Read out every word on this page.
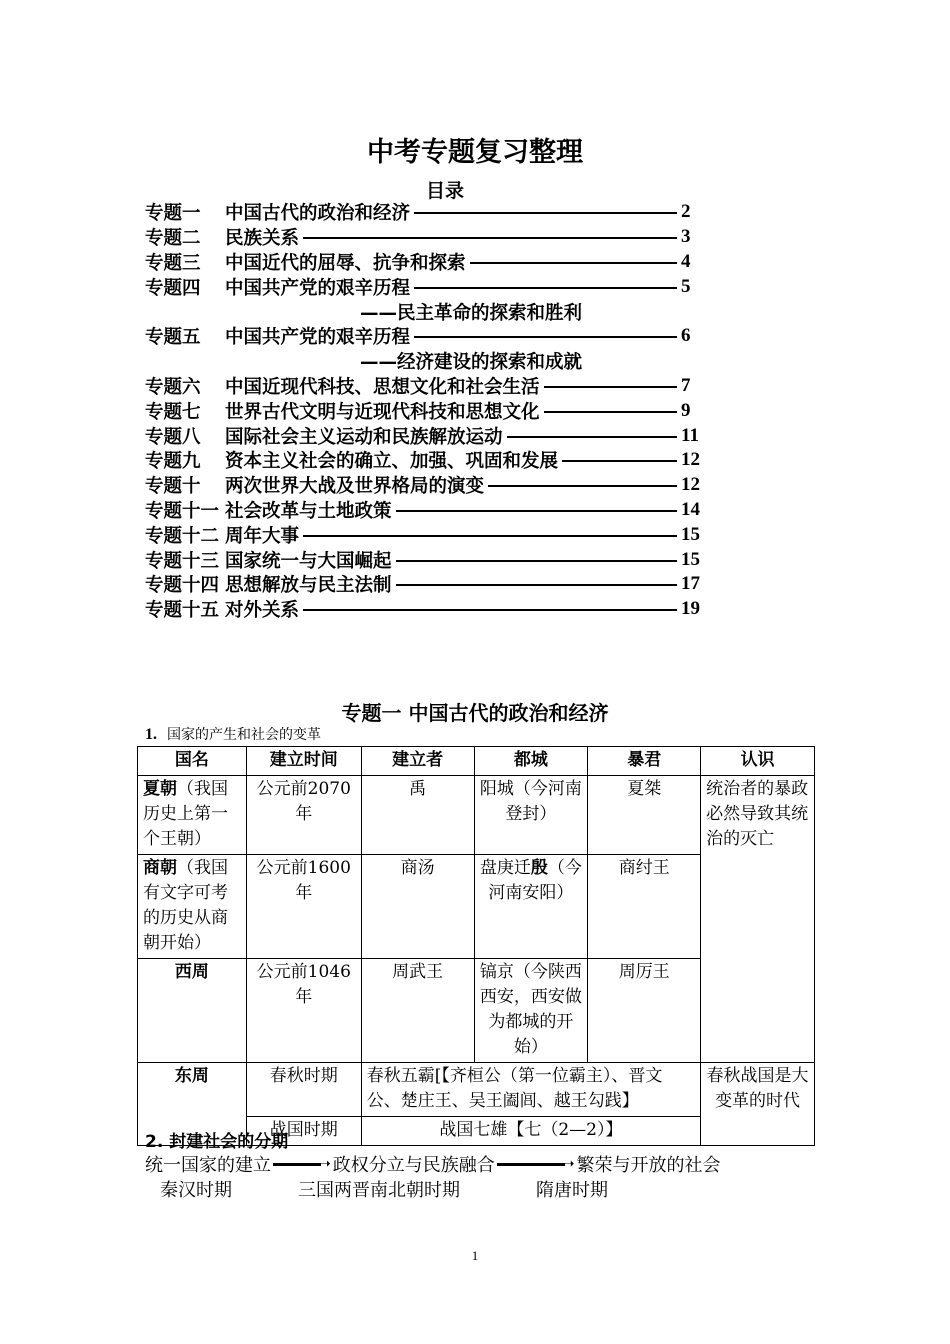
中考专题复习整理
目录
专题一	中国古代的政治和经济	2
专题二	民族关系	3
专题三	中国近代的屈辱、抗争和探索	4
专题四	中国共产党的艰辛历程	5
——民主革命的探索和胜利
专题五	中国共产党的艰辛历程	6
——经济建设的探索和成就
专题六	中国近现代科技、思想文化和社会生活	7
专题七	世界古代文明与近现代科技和思想文化	9
专题八	国际社会主义运动和民族解放运动	11
专题九	资本主义社会的确立、加强、巩固和发展	12
专题十	两次世界大战及世界格局的演变	12
专题十一 社会改革与土地政策	14
专题十二 周年大事	15
专题十三 国家统一与大国崛起	15
专题十四 思想解放与民主法制	17
专题十五 对外关系	19
专题一 中国古代的政治和经济
1. 国家的产生和社会的变革
国名	建立时间	建立者	都城	暴君	认识
夏朝（我国历史上第一个王朝）	公元前2070年	禹	阳城（今河南登封）	夏桀	统治者的暴政必然导致其统治的灭亡
商朝（我国有文字可考的历史从商朝开始）	公元前1600年	商汤	盘庚迁殷（今河南安阳）	商纣王	
西周	公元前1046年	周武王	镐京（今陕西西安，西安做为都城的开始）	周厉王	
东周	春秋时期	春秋五霸[【齐桓公（第一位霸主）、晋文公、楚庄王、吴王阖闾、越王勾践】			春秋战国是大变革的时代
	战国时期	战国七雄【七（2—2）】			
2. 封建社会的分期
统一国家的建立	➝ 政权分立与民族融合	➝ 繁荣与开放的社会
秦汉时期	三国两晋南北朝时期	隋唐时期
1
